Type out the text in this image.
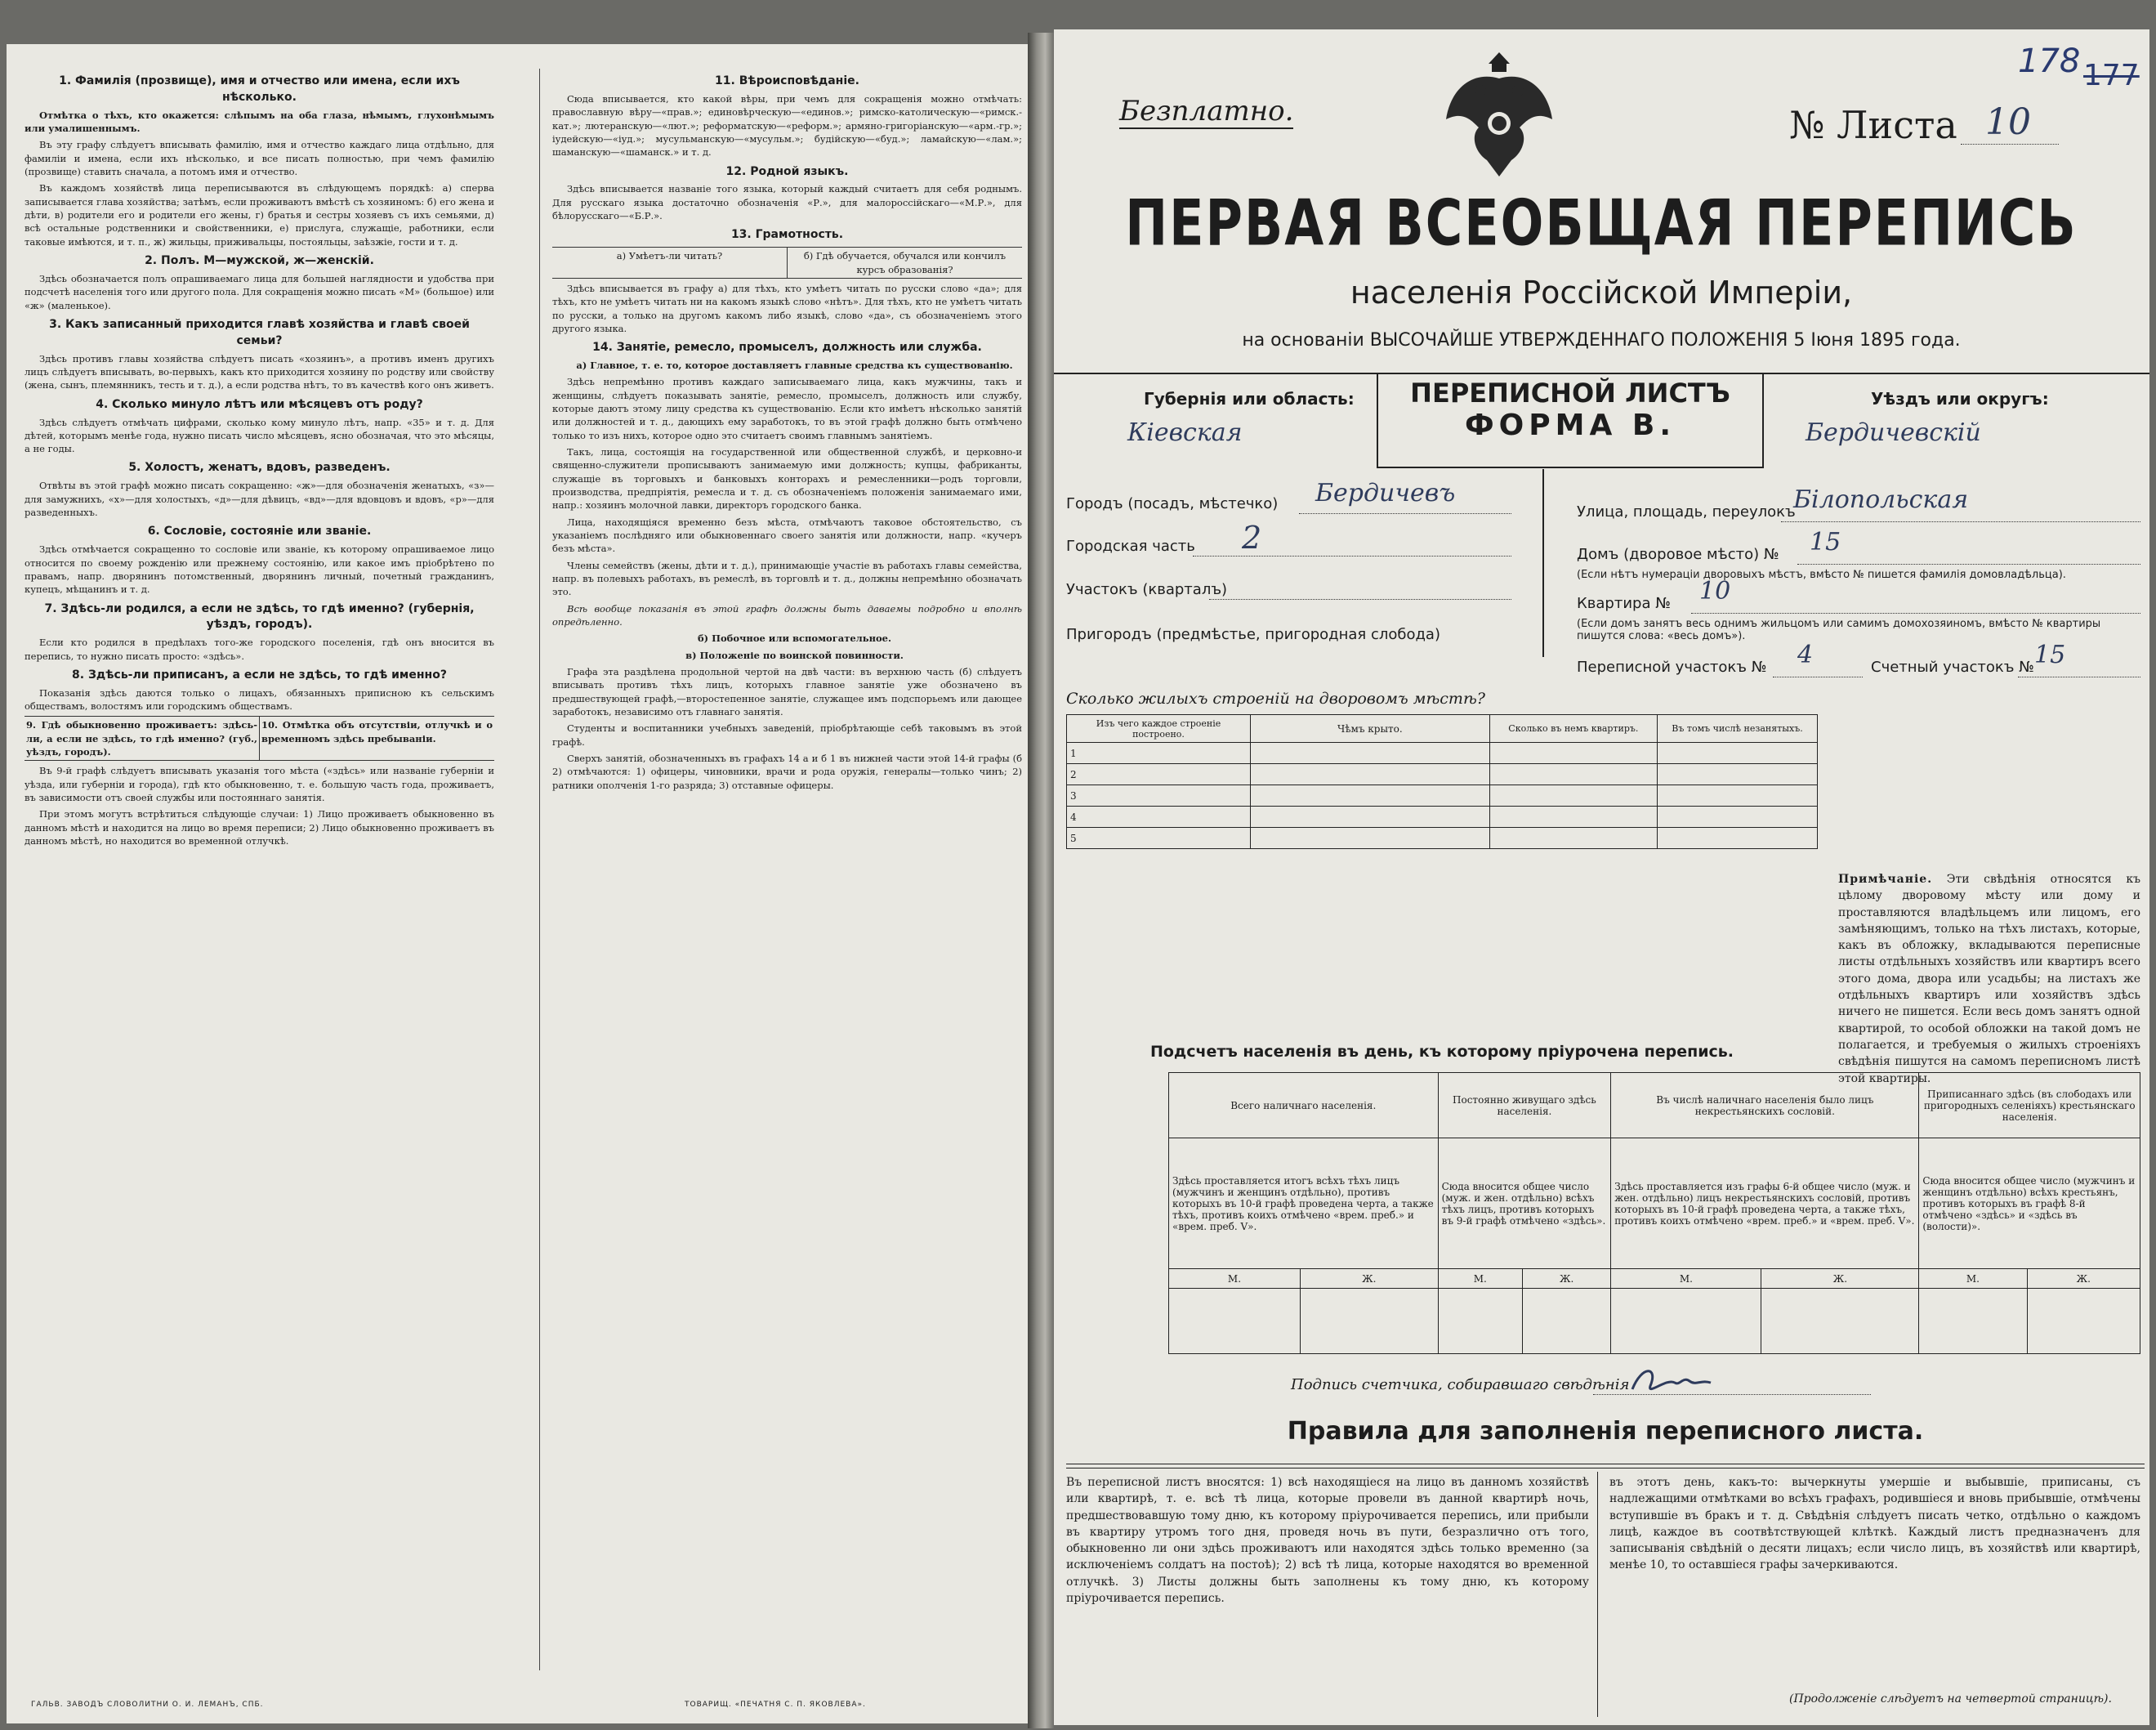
1. Фамилія (прозвище), имя и отчество или имена, если ихъ нѣсколько.

Отмѣтка о тѣхъ, кто окажется: слѣпымъ на оба глаза, нѣмымъ, глухонѣмымъ или умалишеннымъ.

Въ эту графу слѣдуетъ вписывать фамилію, имя и отчество каждаго лица отдѣльно, для фамиліи и имена, если ихъ нѣсколько, и все писать полностью, при чемъ фамилію (прозвище) ставить сначала, а потомъ имя и отчество.

Въ каждомъ хозяйствѣ лица переписываются въ слѣдующемъ порядкѣ: а) сперва записывается глава хозяйства; затѣмъ, если проживаютъ вмѣстѣ съ хозяиномъ: б) его жена и дѣти, в) родители его и родители его жены, г) братья и сестры хозяевъ съ ихъ семьями, д) всѣ остальные родственники и свойственники, е) прислуга, служащіе, работники, если таковые имѣются, и т. п., ж) жильцы, приживальцы, постояльцы, заѣзжіе, гости и т. д.

2. Полъ. М—мужской, ж—женскій.

Здѣсь обозначается полъ опрашиваемаго лица для большей наглядности и удобства при подсчетѣ населенія того или другого пола. Для сокращенія можно писать «М» (большое) или «ж» (маленькое).

3. Какъ записанный приходится главѣ хозяйства и главѣ своей семьи?

Здѣсь противъ главы хозяйства слѣдуетъ писать «хозяинъ», а противъ именъ другихъ лицъ слѣдуетъ вписывать, во-первыхъ, какъ кто приходится хозяину по родству или свойству (жена, сынъ, племянникъ, тесть и т. д.), а если родства нѣтъ, то въ качествѣ кого онъ живетъ.

4. Сколько минуло лѣтъ или мѣсяцевъ отъ роду?

Здѣсь слѣдуетъ отмѣчать цифрами, сколько кому минуло лѣтъ, напр. «35» и т. д. Для дѣтей, которымъ менѣе года, нужно писать число мѣсяцевъ, ясно обозначая, что это мѣсяцы, а не годы.

5. Холостъ, женатъ, вдовъ, разведенъ.

Отвѣты въ этой графѣ можно писать сокращенно: «ж»—для обозначенія женатыхъ, «з»—для замужнихъ, «х»—для холостыхъ, «д»—для дѣвицъ, «вд»—для вдовцовъ и вдовъ, «р»—для разведенныхъ.

6. Сословіе, состояніе или званіе.

Здѣсь отмѣчается сокращенно то сословіе или званіе, къ которому опрашиваемое лицо относится по своему рожденію или прежнему состоянію, или какое имъ пріобрѣтено по правамъ, напр. дворянинъ потомственный, дворянинъ личный, почетный гражданинъ, купецъ, мѣщанинъ и т. д.

7. Здѣсь-ли родился, а если не здѣсь, то гдѣ именно? (губернія, уѣздъ, городъ).

Если кто родился в предѣлахъ того-же городского поселенія, гдѣ онъ вносится въ перепись, то нужно писать просто: «здѣсь».

8. Здѣсь-ли приписанъ, а если не здѣсь, то гдѣ именно?

Показанія здѣсь даются только о лицахъ, обязанныхъ приписною къ сельскимъ обществамъ, волостямъ или городскимъ обществамъ.

9. Гдѣ обыкновенно проживаетъ: здѣсь-ли, а если не здѣсь, то гдѣ именно? (губ., уѣздъ, городъ).
10. Отмѣтка объ отсутствіи, отлучкѣ и о временномъ здѣсь пребываніи.

Въ 9-й графѣ слѣдуетъ вписывать указанія того мѣста («здѣсь» или названіе губерніи и уѣзда, или губерніи и города), гдѣ кто обыкновенно, т. е. большую часть года, проживаетъ, въ зависимости отъ своей службы или постояннаго занятія.

При этомъ могутъ встрѣтиться слѣдующіе случаи: 1) Лицо проживаетъ обыкновенно въ данномъ мѣстѣ и находится на лицо во время переписи; 2) Лицо обыкновенно проживаетъ въ данномъ мѣстѣ, но находится во временной отлучкѣ.

11. Вѣроисповѣданіе.

Сюда вписывается, кто какой вѣры, при чемъ для сокращенія можно отмѣчать: православную вѣру—«прав.»; единовѣрческую—«единов.»; римско-католическую—«римск.-кат.»; лютеранскую—«лют.»; реформатскую—«реформ.»; армяно-григоріанскую—«арм.-гр.»; іудейскую—«іуд.»; мусульманскую—«мусульм.»; будійскую—«буд.»; ламайскую—«лам.»; шаманскую—«шаманск.» и т. д.

12. Родной языкъ.

Здѣсь вписывается названіе того языка, который каждый считаетъ для себя роднымъ. Для русскаго языка достаточно обозначенія «Р.», для малороссійскаго—«М.Р.», для бѣлорусскаго—«Б.Р.».

13. Грамотность.
а) Умѣетъ-ли читать?	б) Гдѣ обучается, обучался или кончилъ курсъ образованія?

Здѣсь вписывается въ графу а) для тѣхъ, кто умѣетъ читать по русски слово «да»; для тѣхъ, кто не умѣетъ читать ни на какомъ языкѣ слово «нѣтъ». Для тѣхъ, кто не умѣетъ читать по русски, а только на другомъ какомъ либо языкѣ, слово «да», съ обозначеніемъ этого другого языка.

14. Занятіе, ремесло, промыселъ, должность или служба.

а) Главное, т. е. то, которое доставляетъ главные средства къ существованію.

Здѣсь непремѣнно противъ каждаго записываемаго лица, какъ мужчины, такъ и женщины, слѣдуетъ показывать занятіе, ремесло, промыселъ, должность или службу, которые даютъ этому лицу средства къ существованію. Если кто имѣетъ нѣсколько занятій или должностей и т. д., дающихъ ему заработокъ, то въ этой графѣ должно быть отмѣчено только то изъ нихъ, которое одно это считаетъ своимъ главнымъ занятіемъ.

Такъ, лица, состоящія на государственной или общественной службѣ, и церковно-и священно-служители прописываютъ занимаемую ими должность; купцы, фабриканты, служащіе въ торговыхъ и банковыхъ конторахъ и ремесленники—родъ торговли, производства, предпріятія, ремесла и т. д. съ обозначеніемъ положенія занимаемаго ими, напр.: хозяинъ молочной лавки, директоръ городского банка.

Лица, находящіяся временно безъ мѣста, отмѣчаютъ таковое обстоятельство, съ указаніемъ послѣдняго или обыкновеннаго своего занятія или должности, напр. «кучеръ безъ мѣста».

Члены семействъ (жены, дѣти и т. д.), принимающіе участіе въ работахъ главы семейства, напр. въ полевыхъ работахъ, въ ремеслѣ, въ торговлѣ и т. д., должны непремѣнно обозначать это.

Всѣ вообще показанія въ этой графѣ должны быть даваемы подробно и вполнѣ опредѣленно.

б) Побочное или вспомогательное.

в) Положеніе по воинской повинности.

Графа эта раздѣлена продольной чертой на двѣ части: въ верхнюю часть (б) слѣдуетъ вписывать противъ тѣхъ лицъ, которыхъ главное занятіе уже обозначено въ предшествующей графѣ,—второстепенное занятіе, служащее имъ подспорьемъ или дающее заработокъ, независимо отъ главнаго занятія.

Студенты и воспитанники учебныхъ заведеній, пріобрѣтающіе себѣ таковымъ въ этой графѣ.

Сверхъ занятій, обозначенныхъ въ графахъ 14 а и б 1 въ нижней части этой 14-й графы (б 2) отмѣчаются: 1) офицеры, чиновники, врачи и рода оружія, генералы—только чинъ; 2) ратники ополченія 1-го разряда; 3) отставные офицеры.

ГАЛЬВ. ЗАВОДЪ СЛОВОЛИТНИ О. И. ЛЕМАНЪ, СПБ.	ТОВАРИЩ. «ПЕЧАТНЯ С. П. ЯКОВЛЕВА».
Безплатно.
178 177
№ Листа 10
ПЕРВАЯ ВСЕОБЩАЯ ПЕРЕПИСЬ
населенія Россійской Имперіи,
на основаніи ВЫСОЧАЙШЕ УТВЕРЖДЕННАГО ПОЛОЖЕНІЯ 5 Іюня 1895 года.
ПЕРЕПИСНОЙ ЛИСТЪ
ФОРМА В.
Губернія или область:
Кіевская
Уѣздъ или округъ:
Бердичевскій
Городъ (посадъ, мѣстечко) Бердичевъ
Городская часть 2
Участокъ (кварталъ)
Пригородъ (предмѣстье, пригородная слобода)
Улица, площадь, переулокъ
Білопольская
Домъ (дворовое мѣсто) № 15
(Если нѣтъ нумераціи дворовыхъ мѣстъ, вмѣсто № пишется фамилія домовладѣльца).
Квартира № 10
(Если домъ занятъ весь однимъ жильцомъ или самимъ домохозяиномъ, вмѣсто № квартиры пишутся слова: «весь домъ»).
Переписной участокъ № 4	Счетный участокъ № 15
Сколько жилыхъ строеній на дворовомъ мѣстѣ?
Изъ чего каждое строеніе построено.	Чѣмъ крыто.	Сколько въ немъ квартиръ.	Въ томъ числѣ незанятыхъ.
1			
2			
3			
4			
5			
Примѣчаніе. Эти свѣдѣнія относятся къ цѣлому дворовому мѣсту или дому и проставляются владѣльцемъ или лицомъ, его замѣняющимъ, только на тѣхъ листахъ, которые, какъ въ обложку, вкладываются переписные листы отдѣльныхъ хозяйствъ или квартиръ всего этого дома, двора или усадьбы; на листахъ же отдѣльныхъ квартиръ или хозяйствъ здѣсь ничего не пишется. Если весь домъ занятъ одной квартирой, то особой обложки на такой домъ не полагается, и требуемыя о жилыхъ строеніяхъ свѣдѣнія пишутся на самомъ переписномъ листѣ этой квартиры.
Подсчетъ населенія въ день, къ которому пріурочена перепись.
Всего наличнаго населенія.		Постоянно живущаго здѣсь населенія.		Въ числѣ наличнаго населенія было лицъ некрестьянскихъ сословій.		Приписаннаго здѣсь (въ слободахъ или пригородныхъ селеніяхъ) крестьянскаго населенія.	
Здѣсь проставляется итогъ всѣхъ тѣхъ лицъ (мужчинъ и женщинъ отдѣльно), противъ которыхъ въ 10-й графѣ проведена черта, а также тѣхъ, противъ коихъ отмѣчено «врем. преб.» и «врем. преб. V».		Сюда вносится общее число (муж. и жен. отдѣльно) всѣхъ тѣхъ лицъ, противъ которыхъ въ 9-й графѣ отмѣчено «здѣсь».		Здѣсь проставляется изъ графы 6-й общее число (муж. и жен. отдѣльно) лицъ некрестьянскихъ сословій, противъ которыхъ въ 10-й графѣ проведена черта, а также тѣхъ, противъ коихъ отмѣчено «врем. преб.» и «врем. преб. V».		Сюда вносится общее число (мужчинъ и женщинъ отдѣльно) всѣхъ крестьянъ, противъ которыхъ въ графѣ 8-й отмѣчено «здѣсь» и «здѣсь въ (волости)».	
М.	Ж.	М.	Ж.	М.	Ж.	М.	Ж.

Подпись счетчика, собиравшаго свѣдѣнія
Правила для заполненія переписного листа.
Въ переписной листъ вносятся: 1) всѣ находящіеся на лицо въ данномъ хозяйствѣ или квартирѣ, т. е. всѣ тѣ лица, которые провели въ данной квартирѣ ночь, предшествовавшую тому дню, къ которому пріурочивается перепись, или прибыли въ квартиру утромъ того дня, проведя ночь въ пути, безразлично отъ того, обыкновенно ли они здѣсь проживаютъ или находятся здѣсь только временно (за исключеніемъ солдатъ на постоѣ); 2) всѣ тѣ лица, которые находятся во временной отлучкѣ. 3) Листы должны быть заполнены къ тому дню, къ которому пріурочивается перепись.
въ этотъ день, какъ-то: вычеркнуты умершіе и выбывшіе, приписаны, съ надлежащими отмѣтками во всѣхъ графахъ, родившіеся и вновь прибывшіе, отмѣчены вступившіе въ бракъ и т. д. Свѣдѣнія слѣдуетъ писать четко, отдѣльно о каждомъ лицѣ, каждое въ соотвѣтствующей клѣткѣ. Каждый листъ предназначенъ для записыванія свѣдѣній о десяти лицахъ; если число лицъ, въ хозяйствѣ или квартирѣ, менѣе 10, то оставшіеся графы зачеркиваются.
(Продолженіе слѣдуетъ на четвертой страницѣ).
